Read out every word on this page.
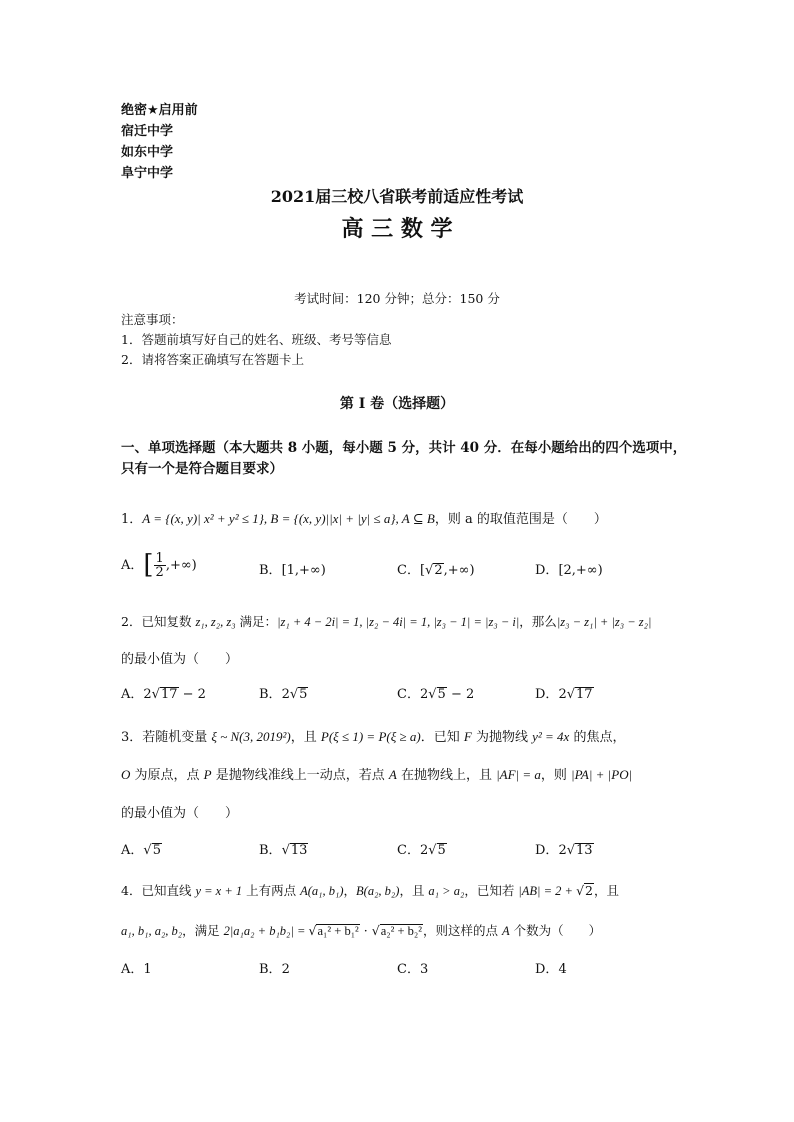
绝密★启用前
宿迁中学
如东中学
阜宁中学
2021届三校八省联考前适应性考试
高 三 数 学
考试时间：120 分钟；总分：150 分
注意事项：
1．答题前填写好自己的姓名、班级、考号等信息
2．请将答案正确填写在答题卡上
第 I 卷（选择题）
一、单项选择题（本大题共 8 小题，每小题 5 分，共计 40 分．在每小题给出的四个选项中，
只有一个是符合题目要求）
1．A = {(x, y)| x² + y² ≤ 1}, B = {(x, y)||x| + |y| ≤ a}, A ⊆ B，则 a 的取值范围是（　　）
A．[ $\frac{1}{2}$ ,+∞)	B．[1,+∞)	C．[√2,+∞)	D．[2,+∞)
2．已知复数 z₁, z₂, z₃ 满足：|z₁ + 4 − 2i| = 1, |z₂ − 4i| = 1, |z₃ − 1| = |z₃ − i|，那么|z₃ − z₁| + |z₃ − z₂|
的最小值为（　　）
A．2√17 − 2	B．2√5	C．2√5 − 2	D．2√17
3．若随机变量 ξ ~ N(3, 2019²)，且 P(ξ ≤ 1) = P(ξ ≥ a)．已知 F 为抛物线 y² = 4x 的焦点，
O 为原点，点 P 是抛物线准线上一动点，若点 A 在抛物线上，且 |AF| = a，则 |PA| + |PO|
的最小值为（　　）
A．√5	B．√13	C．2√5	D．2√13
4．已知直线 y = x + 1 上有两点 A(a₁, b₁)，B(a₂, b₂)，且 a₁ > a₂，已知若 |AB| = 2 + √2，且
a₁, b₁, a₂, b₂，满足 2|a₁a₂ + b₁b₂| = √a₁² + b₁² · √a₂² + b₂²，则这样的点 A 个数为（　　）
A．1	B．2	C．3	D．4
